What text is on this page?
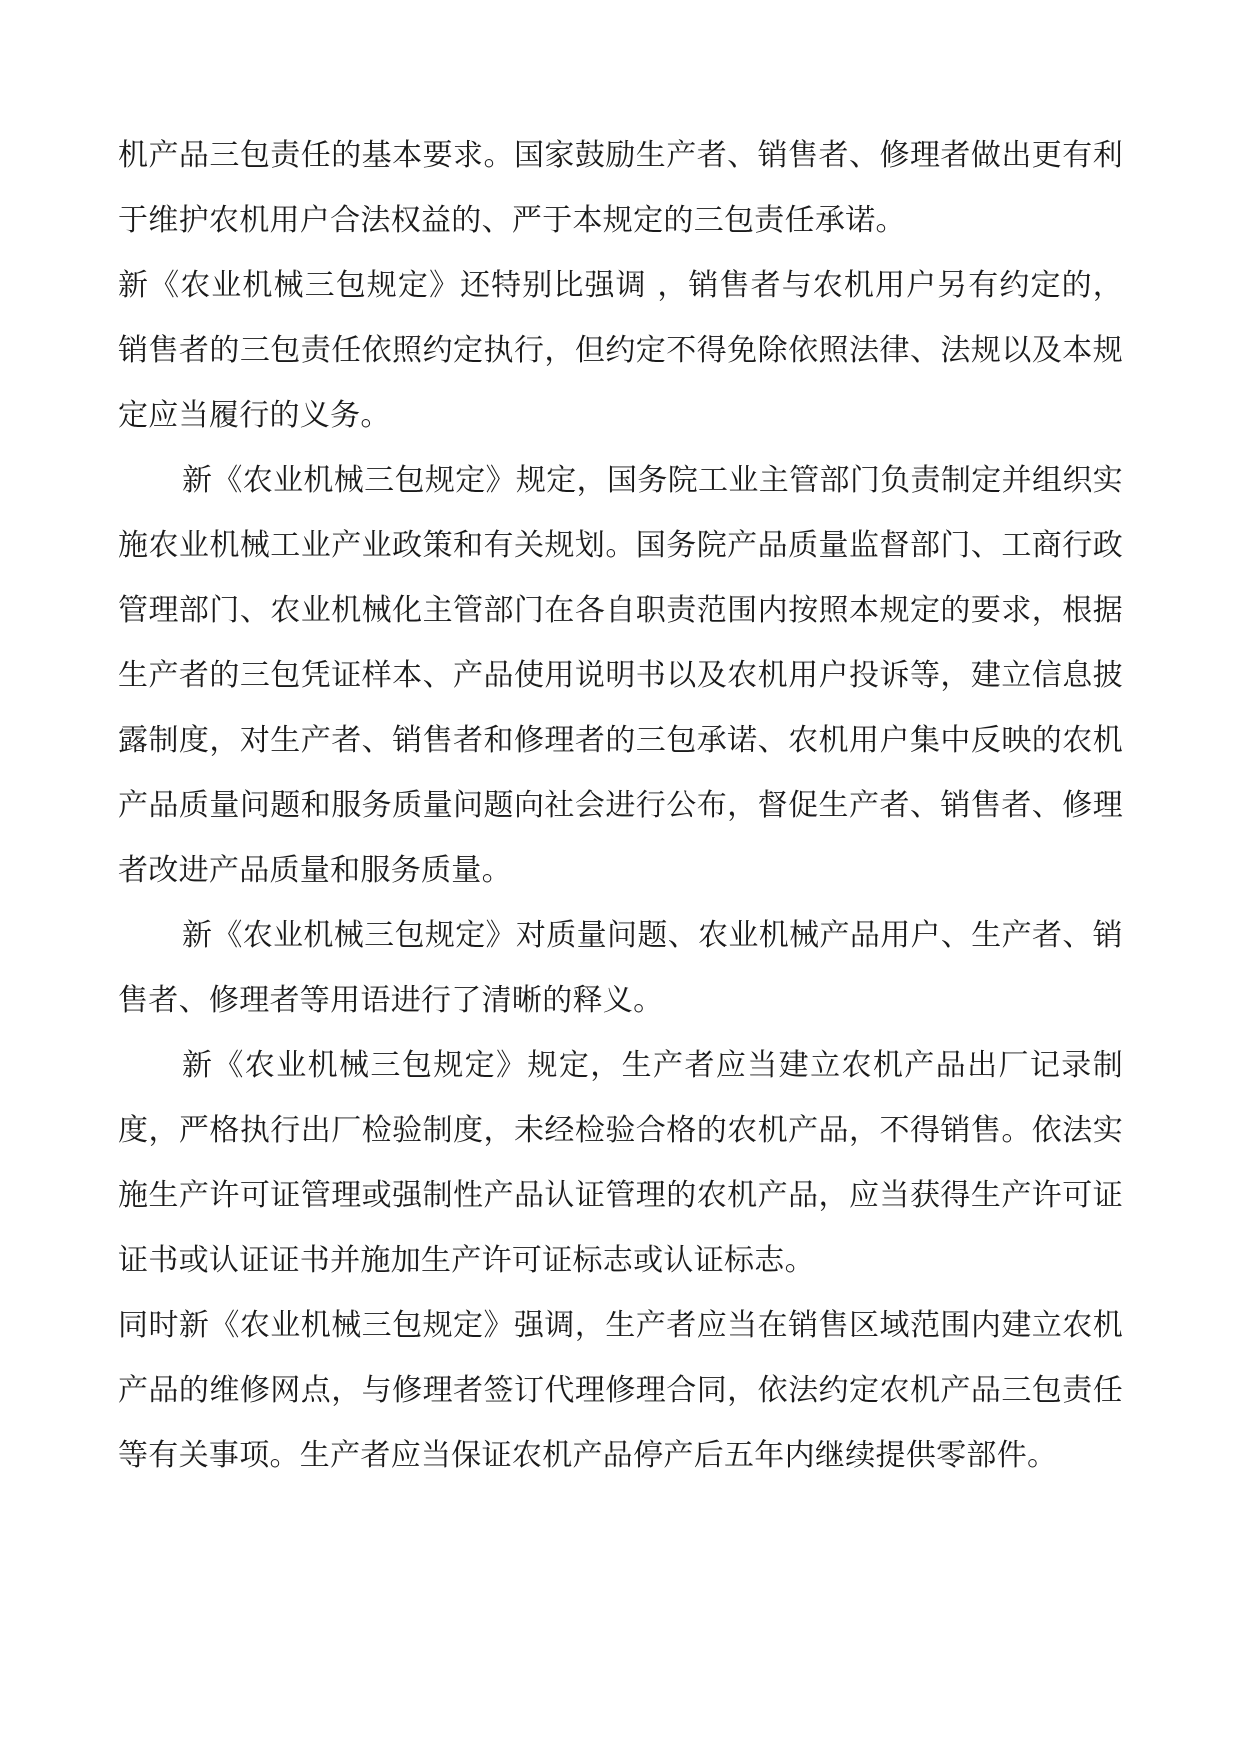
机产品三包责任的基本要求。国家鼓励生产者、销售者、修理者做出更有利于维护农机用户合法权益的、严于本规定的三包责任承诺。

新《农业机械三包规定》还特别比强调 ，销售者与农机用户另有约定的，销售者的三包责任依照约定执行，但约定不得免除依照法律、法规以及本规定应当履行的义务。

新《农业机械三包规定》规定，国务院工业主管部门负责制定并组织实施农业机械工业产业政策和有关规划。国务院产品质量监督部门、工商行政管理部门、农业机械化主管部门在各自职责范围内按照本规定的要求，根据生产者的三包凭证样本、产品使用说明书以及农机用户投诉等，建立信息披露制度，对生产者、销售者和修理者的三包承诺、农机用户集中反映的农机产品质量问题和服务质量问题向社会进行公布，督促生产者、销售者、修理者改进产品质量和服务质量。

新《农业机械三包规定》对质量问题、农业机械产品用户、生产者、销售者、修理者等用语进行了清晰的释义。

新《农业机械三包规定》规定，生产者应当建立农机产品出厂记录制度，严格执行出厂检验制度，未经检验合格的农机产品，不得销售。依法实施生产许可证管理或强制性产品认证管理的农机产品，应当获得生产许可证证书或认证证书并施加生产许可证标志或认证标志。

同时新《农业机械三包规定》强调，生产者应当在销售区域范围内建立农机产品的维修网点，与修理者签订代理修理合同，依法约定农机产品三包责任等有关事项。生产者应当保证农机产品停产后五年内继续提供零部件。
